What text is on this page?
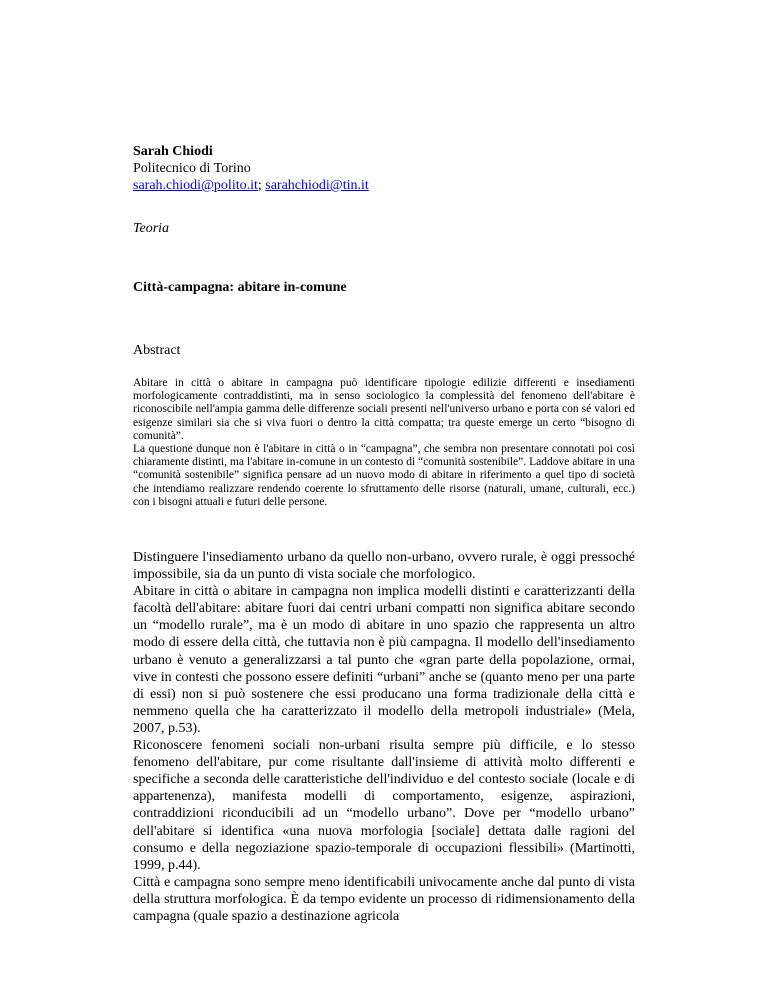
Sarah Chiodi
Politecnico di Torino
sarah.chiodi@polito.it; sarahchiodi@tin.it
Teoria
Città-campagna: abitare in-comune
Abstract

Abitare in città o abitare in campagna può identificare tipologie edilizie differenti e insediamenti morfologicamente contraddistinti, ma in senso sociologico la complessità del fenomeno dell'abitare è riconoscibile nell'ampia gamma delle differenze sociali presenti nell'universo urbano e porta con sé valori ed esigenze similari sia che si viva fuori o dentro la città compatta; tra queste emerge un certo “bisogno di comunità”.

La questione dunque non è l'abitare in città o in “campagna”, che sembra non presentare connotati poi così chiaramente distinti, ma l'abitare in-comune in un contesto di “comunità sostenibile”. Laddove abitare in una “comunità sostenibile” significa pensare ad un nuovo modo di abitare in riferimento a quel tipo di società che intendiamo realizzare rendendo coerente lo sfruttamento delle risorse (naturali, umane, culturali, ecc.) con i bisogni attuali e futuri delle persone.

Distinguere l'insediamento urbano da quello non-urbano, ovvero rurale, è oggi pressoché impossibile, sia da un punto di vista sociale che morfologico.

Abitare in città o abitare in campagna non implica modelli distinti e caratterizzanti della facoltà dell'abitare: abitare fuori dai centri urbani compatti non significa abitare secondo un “modello rurale”, ma è un modo di abitare in uno spazio che rappresenta un altro modo di essere della città, che tuttavia non è più campagna. Il modello dell'insediamento urbano è venuto a generalizzarsi a tal punto che «gran parte della popolazione, ormai, vive in contesti che possono essere definiti “urbani” anche se (quanto meno per una parte di essi) non si può sostenere che essi producano una forma tradizionale della città e nemmeno quella che ha caratterizzato il modello della metropoli industriale» (Mela, 2007, p.53).

Riconoscere fenomeni sociali non-urbani risulta sempre più difficile, e lo stesso fenomeno dell'abitare, pur come risultante dall'insieme di attività molto differenti e specifiche a seconda delle caratteristiche dell'individuo e del contesto sociale (locale e di appartenenza), manifesta modelli di comportamento, esigenze, aspirazioni, contraddizioni riconducibili ad un “modello urbano”. Dove per “modello urbano” dell'abitare si identifica «una nuova morfologia [sociale] dettata dalle ragioni del consumo e della negoziazione spazio-temporale di occupazioni flessibili» (Martinotti, 1999, p.44).

Città e campagna sono sempre meno identificabili univocamente anche dal punto di vista della struttura morfologica. È da tempo evidente un processo di ridimensionamento della campagna (quale spazio a destinazione agricola
